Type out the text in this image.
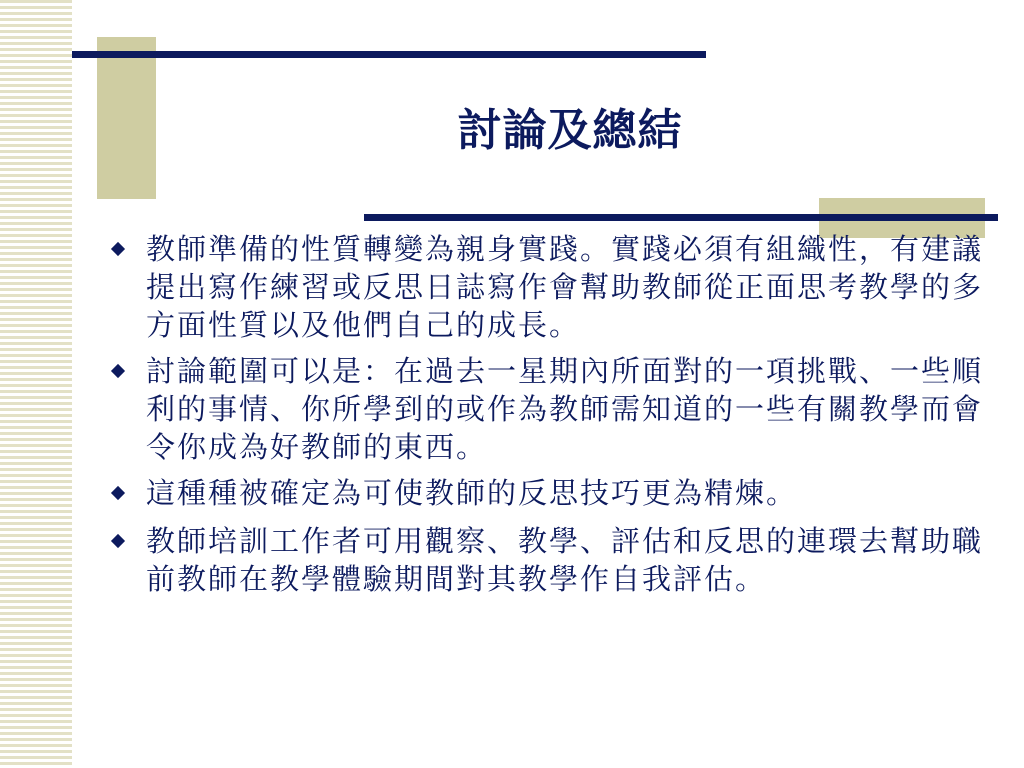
討論及總結
教師準備的性質轉變為親身實踐。實踐必須有組織性，有建議提出寫作練習或反思日誌寫作會幫助教師從正面思考教學的多方面性質以及他們自己的成長。
討論範圍可以是：在過去一星期內所面對的一項挑戰、一些順利的事情、你所學到的或作為教師需知道的一些有關教學而會令你成為好教師的東西。
這種種被確定為可使教師的反思技巧更為精煉。
教師培訓工作者可用觀察、教學、評估和反思的連環去幫助職前教師在教學體驗期間對其教學作自我評估。
